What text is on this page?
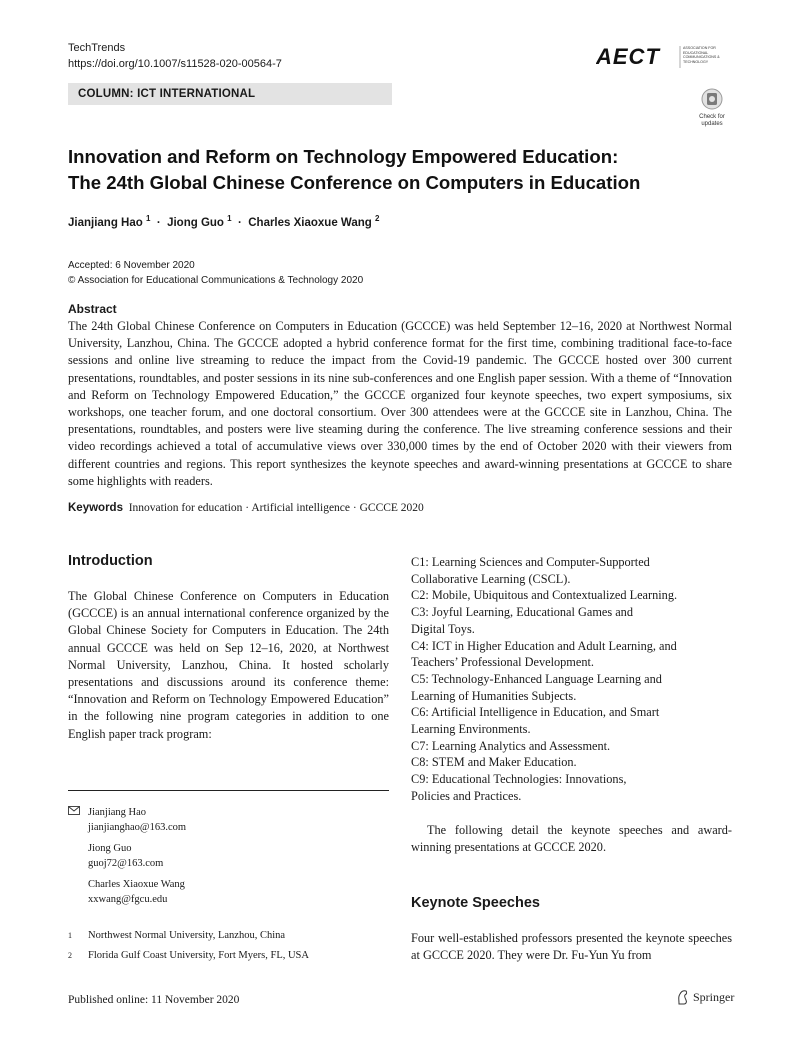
TechTrends
https://doi.org/10.1007/s11528-020-00564-7	AECT	ASSOCIATION FOR EDUCATIONAL COMMUNICATIONS & TECHNOLOGY
COLUMN: ICT INTERNATIONAL
Check for
updates
Innovation and Reform on Technology Empowered Education:
The 24th Global Chinese Conference on Computers in Education
Jianjiang Hao $^1$  ·  Jiong Guo $^1$  ·  Charles Xiaoxue Wang $^2$
Accepted: 6 November 2020
© Association for Educational Communications & Technology 2020
Abstract
The 24th Global Chinese Conference on Computers in Education (GCCCE) was held September 12–16, 2020 at Northwest Normal University, Lanzhou, China. The GCCCE adopted a hybrid conference format for the first time, combining traditional face-to-face sessions and online live streaming to reduce the impact from the Covid-19 pandemic. The GCCCE hosted over 300 current presentations, roundtables, and poster sessions in its nine sub-conferences and one English paper session. With a theme of “Innovation and Reform on Technology Empowered Education,” the GCCCE organized four keynote speeches, two expert symposiums, six workshops, one teacher forum, and one doctoral consortium. Over 300 attendees were at the GCCCE site in Lanzhou, China. The presentations, roundtables, and posters were live steaming during the conference. The live streaming conference sessions and their video recordings achieved a total of accumulative views over 330,000 times by the end of October 2020 with their viewers from different countries and regions. This report synthesizes the keynote speeches and award-winning presentations at GCCCE to share some highlights with readers.
Keywords Innovation for education · Artificial intelligence · GCCCE 2020
Introduction
The Global Chinese Conference on Computers in Education (GCCCE) is an annual international conference organized by the Global Chinese Society for Computers in Education. The 24th annual GCCCE was held on Sep 12–16, 2020, at Northwest Normal University, Lanzhou, China. It hosted scholarly presentations and discussions around its conference theme: “Innovation and Reform on Technology Empowered Education” in the following nine program categories in addition to one English paper track program:
Jianjiang Hao
jianjianghao@163.com
Jiong Guo
guoj72@163.com
Charles Xiaoxue Wang
xxwang@fgcu.edu
1	Northwest Normal University, Lanzhou, China
2	Florida Gulf Coast University, Fort Myers, FL, USA
C1: Learning Sciences and Computer-Supported
Collaborative Learning (CSCL).
C2: Mobile, Ubiquitous and Contextualized Learning.
C3: Joyful Learning, Educational Games and
Digital Toys.
C4: ICT in Higher Education and Adult Learning, and
Teachers’ Professional Development.
C5: Technology-Enhanced Language Learning and
Learning of Humanities Subjects.
C6: Artificial Intelligence in Education, and Smart
Learning Environments.
C7: Learning Analytics and Assessment.
C8: STEM and Maker Education.
C9: Educational Technologies: Innovations,
Policies and Practices.
The following detail the keynote speeches and award-winning presentations at GCCCE 2020.
Keynote Speeches
Four well-established professors presented the keynote speeches at GCCCE 2020. They were Dr. Fu-Yun Yu from
Published online: 11 November 2020	Springer
